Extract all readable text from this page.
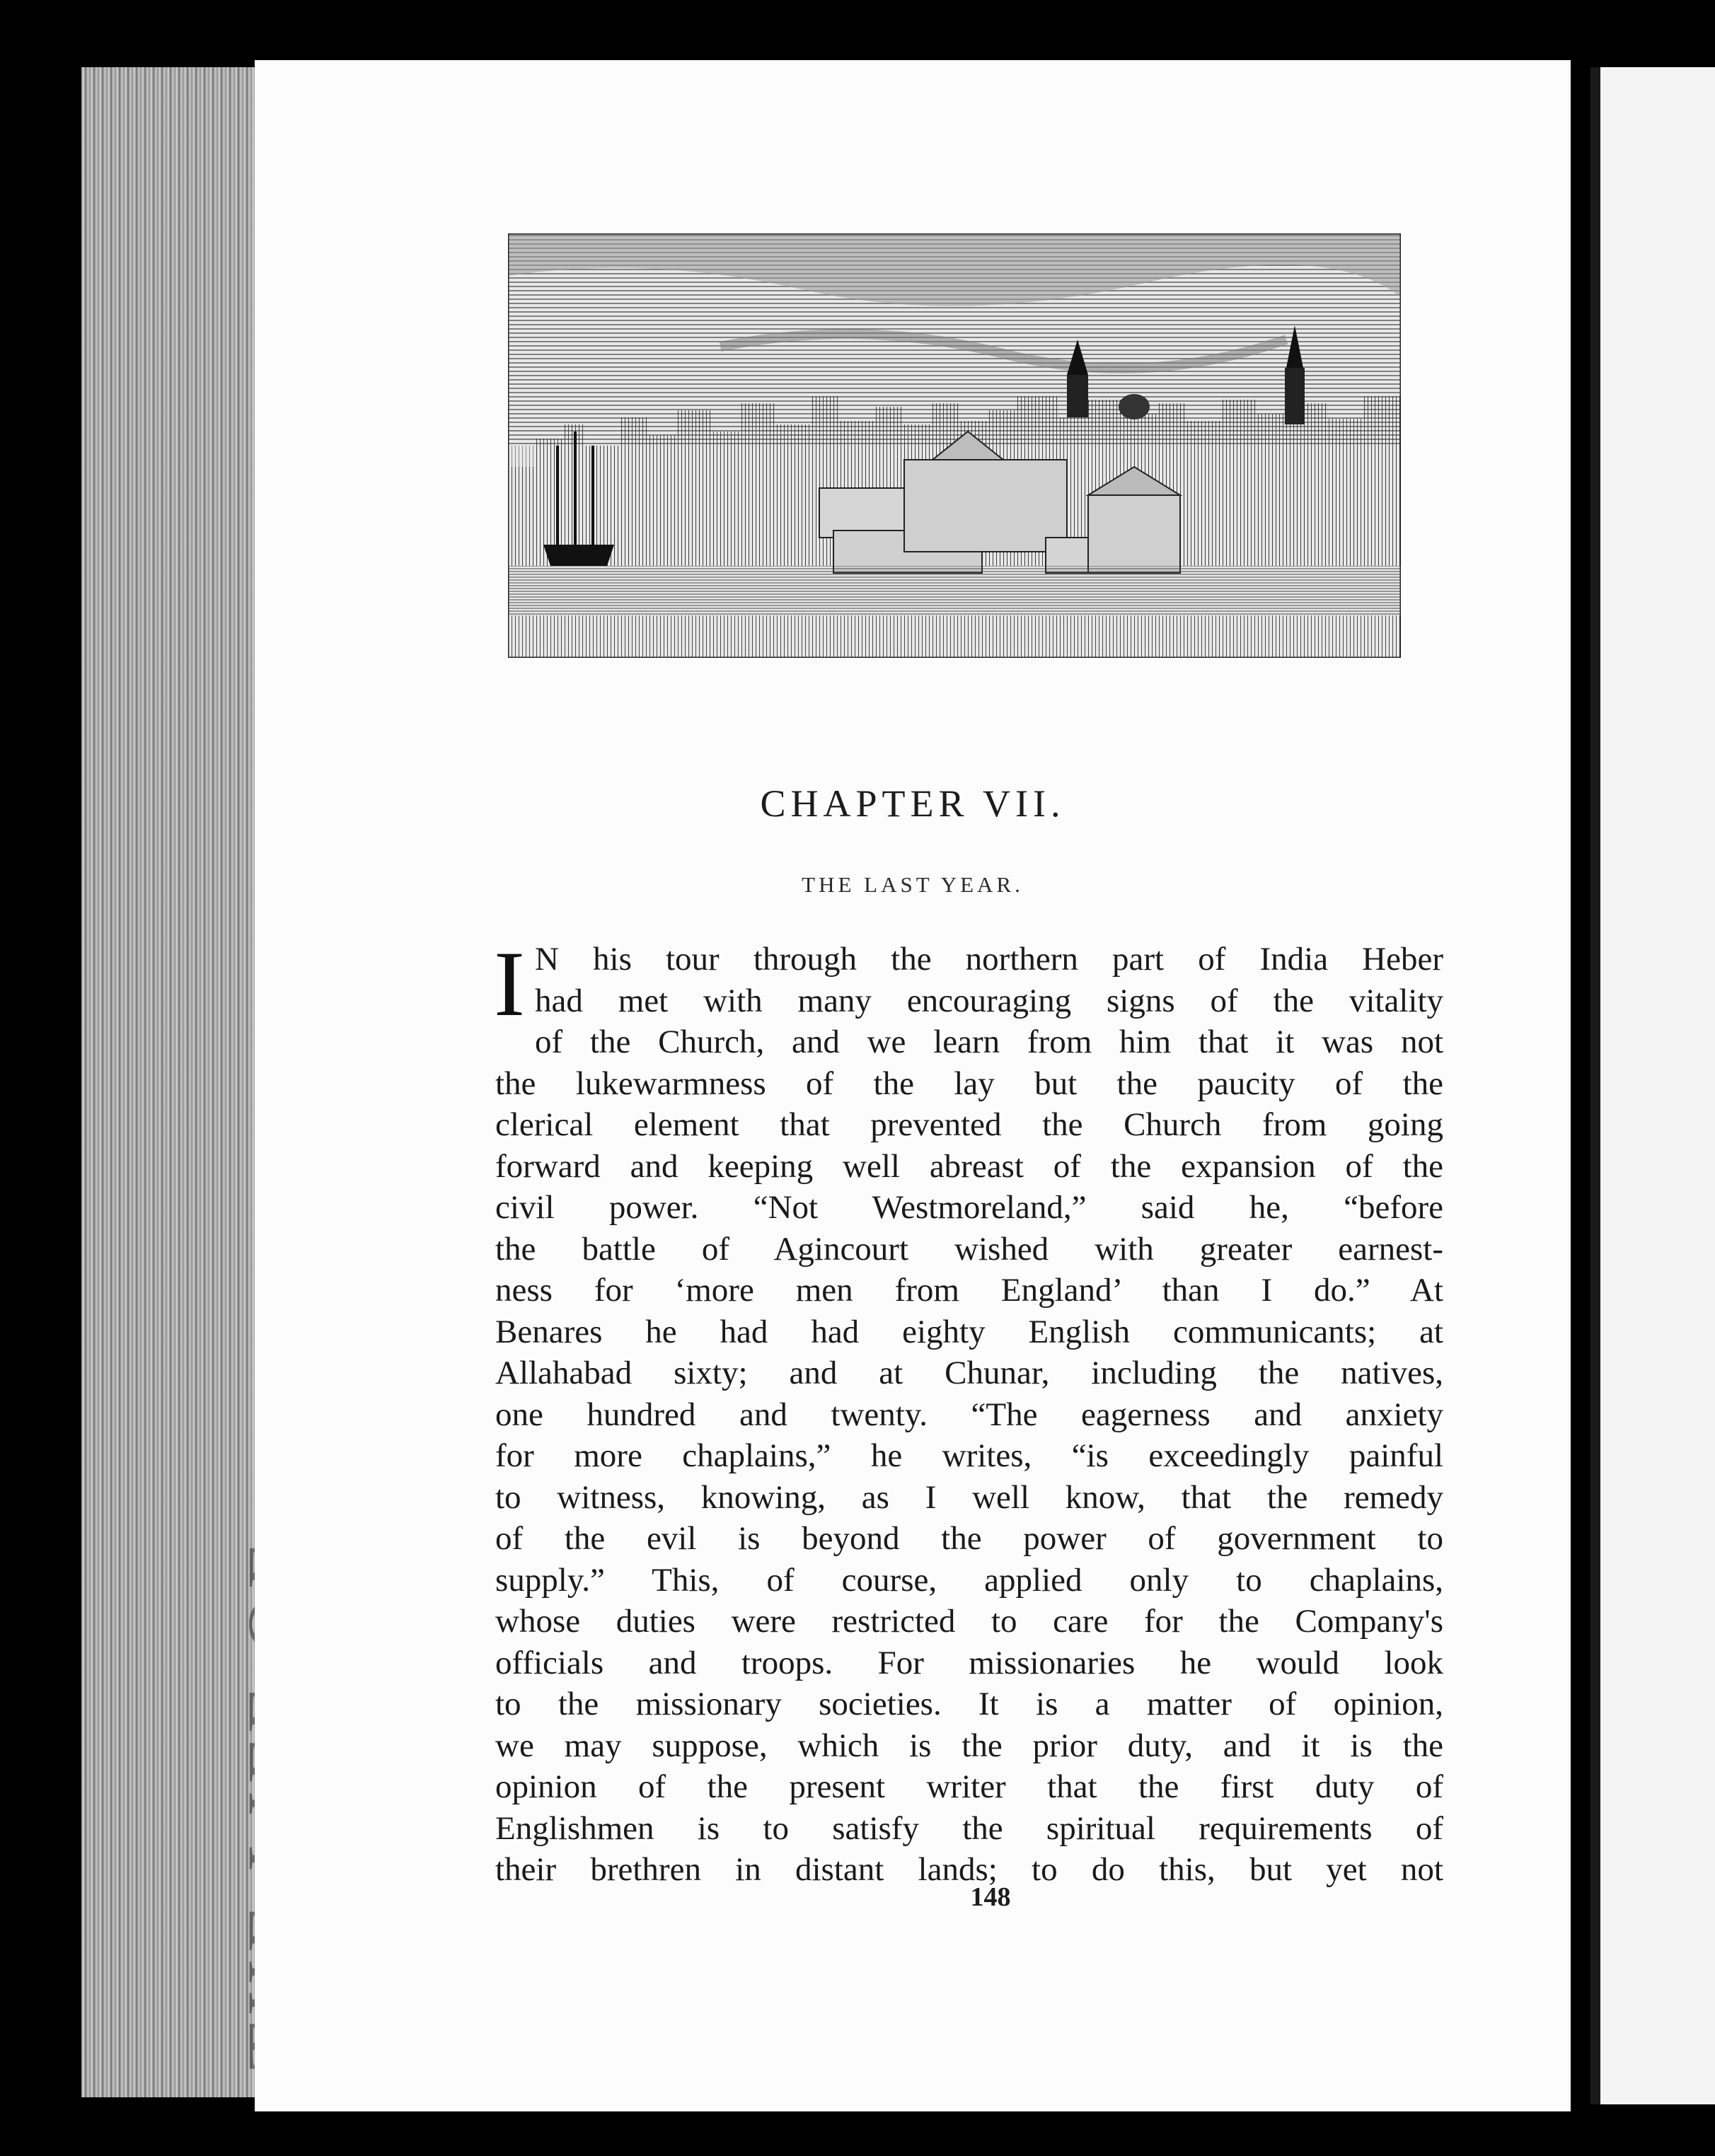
CHAPTER VII.
THE LAST YEAR.
I N his tour through the northern part of India Heber
had met with many encouraging signs of the vitality
of the Church, and we learn from him that it was not
the lukewarmness of the lay but the paucity of the
clerical element that prevented the Church from going
forward and keeping well abreast of the expansion of the
civil power. “Not Westmoreland,” said he, “before
the battle of Agincourt wished with greater earnest-
ness for ‘more men from England’ than I do.” At
Benares he had had eighty English communicants; at
Allahabad sixty; and at Chunar, including the natives,
one hundred and twenty. “The eagerness and anxiety
for more chaplains,” he writes, “is exceedingly painful
to witness, knowing, as I well know, that the remedy
of the evil is beyond the power of government to
supply.” This, of course, applied only to chaplains,
whose duties were restricted to care for the Company's
officials and troops. For missionaries he would look
to the missionary societies. It is a matter of opinion,
we may suppose, which is the prior duty, and it is the
opinion of the present writer that the first duty of
Englishmen is to satisfy the spiritual requirements of
their brethren in distant lands; to do this, but yet not
148
